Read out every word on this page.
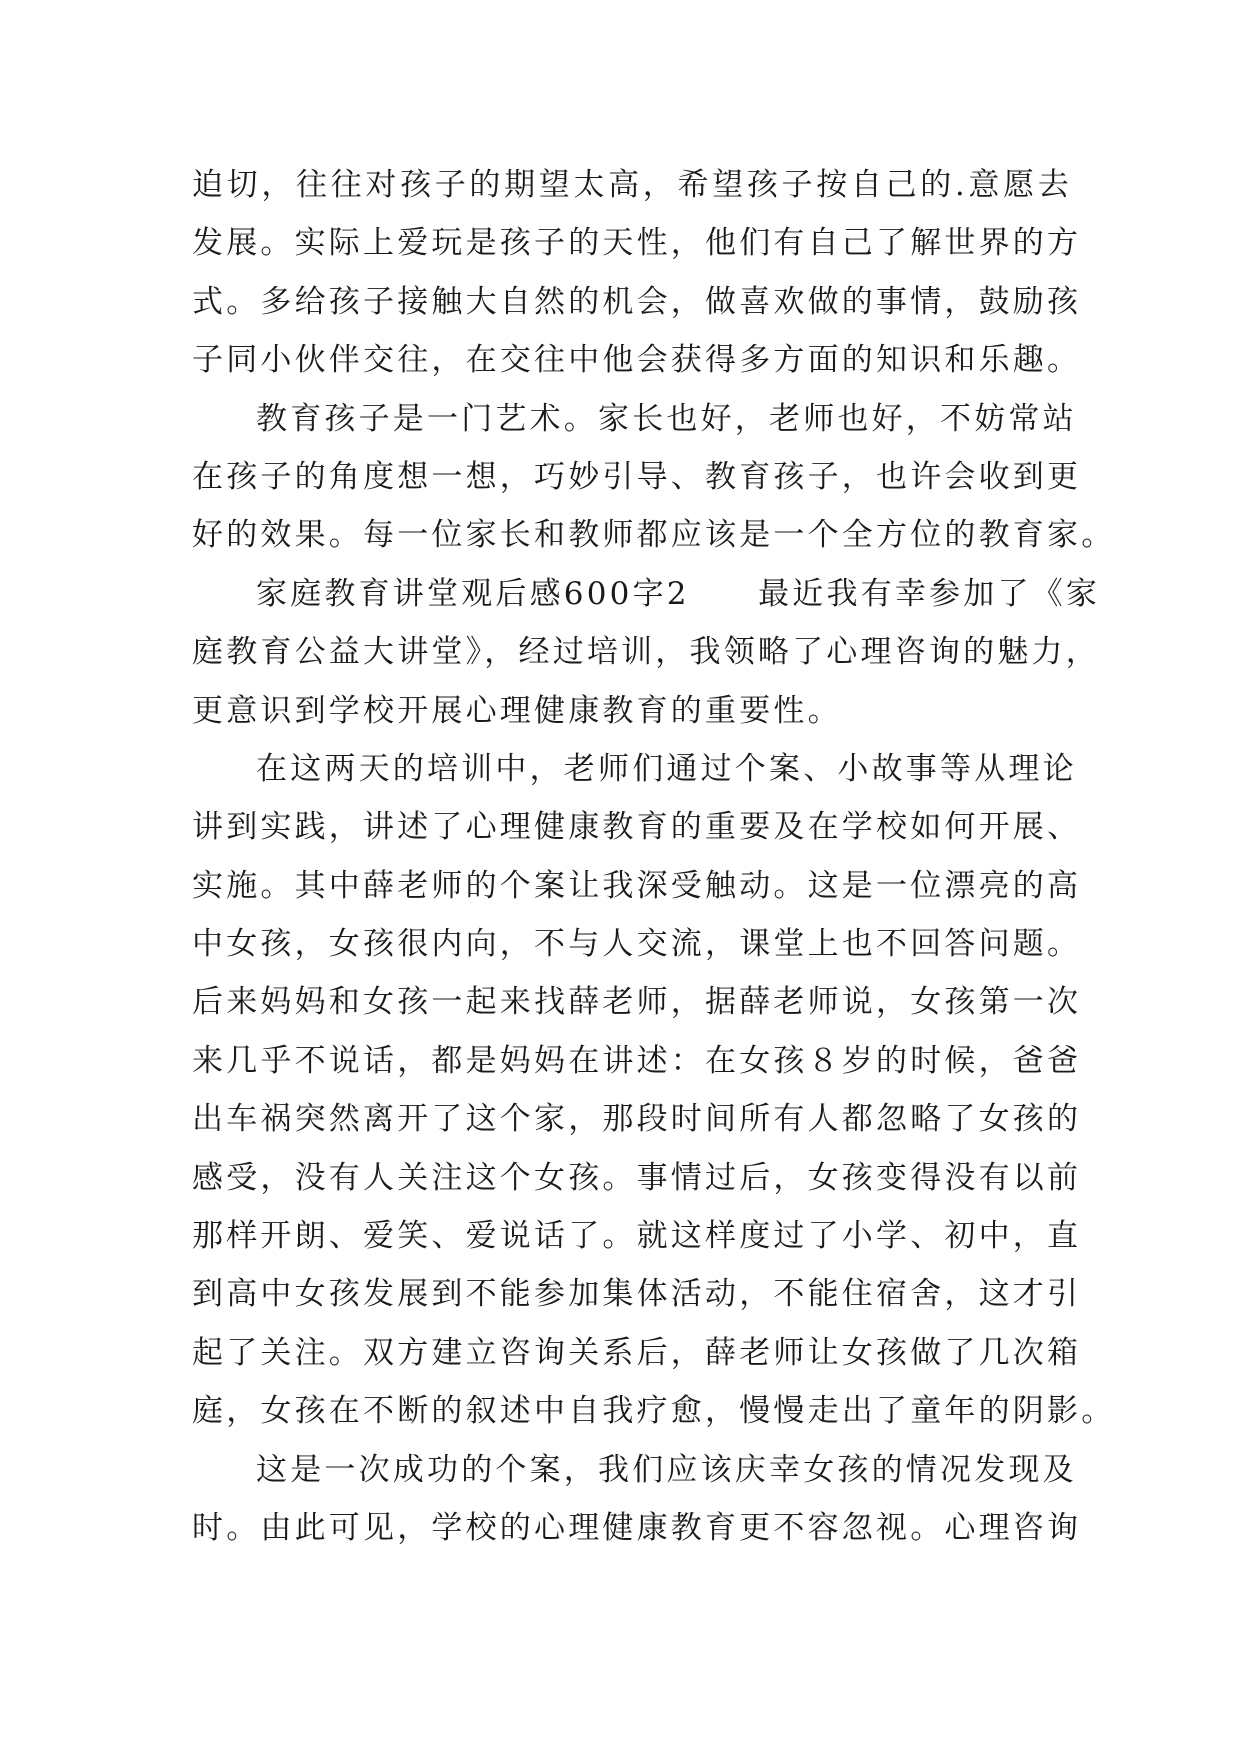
迫切，往往对孩子的期望太高，希望孩子按自己的.意愿去
发展。实际上爱玩是孩子的天性，他们有自己了解世界的方
式。多给孩子接触大自然的机会，做喜欢做的事情，鼓励孩
子同小伙伴交往，在交往中他会获得多方面的知识和乐趣。
教育孩子是一门艺术。家长也好，老师也好，不妨常站
在孩子的角度想一想，巧妙引导、教育孩子，也许会收到更
好的效果。每一位家长和教师都应该是一个全方位的教育家。
家庭教育讲堂观后感600字2　　最近我有幸参加了《家
庭教育公益大讲堂》，经过培训，我领略了心理咨询的魅力，
更意识到学校开展心理健康教育的重要性。
在这两天的培训中，老师们通过个案、小故事等从理论
讲到实践，讲述了心理健康教育的重要及在学校如何开展、
实施。其中薛老师的个案让我深受触动。这是一位漂亮的高
中女孩，女孩很内向，不与人交流，课堂上也不回答问题。
后来妈妈和女孩一起来找薛老师，据薛老师说，女孩第一次
来几乎不说话，都是妈妈在讲述：在女孩８岁的时候，爸爸
出车祸突然离开了这个家，那段时间所有人都忽略了女孩的
感受，没有人关注这个女孩。事情过后，女孩变得没有以前
那样开朗、爱笑、爱说话了。就这样度过了小学、初中，直
到高中女孩发展到不能参加集体活动，不能住宿舍，这才引
起了关注。双方建立咨询关系后，薛老师让女孩做了几次箱
庭，女孩在不断的叙述中自我疗愈，慢慢走出了童年的阴影。
这是一次成功的个案，我们应该庆幸女孩的情况发现及
时。由此可见，学校的心理健康教育更不容忽视。心理咨询
